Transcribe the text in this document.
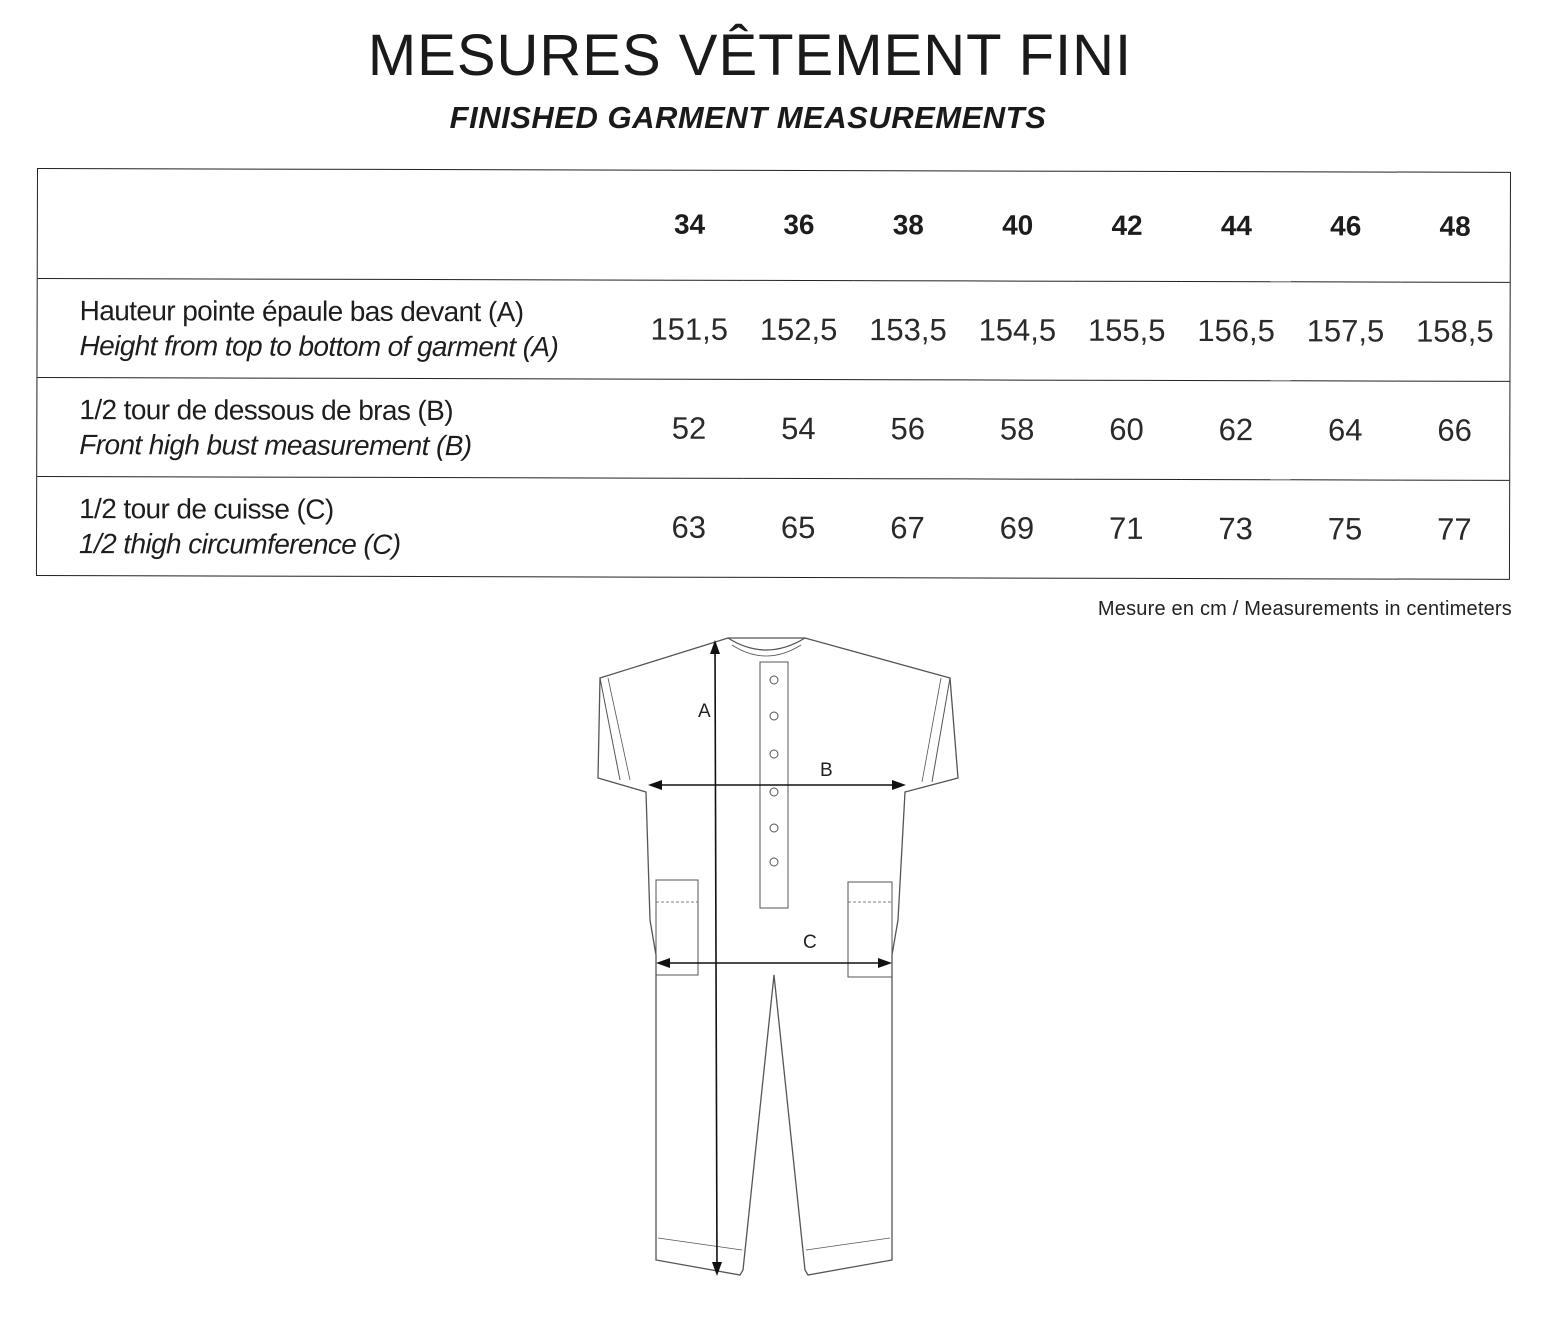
MESURES VÊTEMENT FINI
FINISHED GARMENT MEASUREMENTS
	34	36	38	40	42	44	46	48

Hauteur pointe épaule bas devant (A)
Height from top to bottom of garment (A)	151,5	152,5	153,5	154,5	155,5	156,5	157,5	158,5

1/2 tour de dessous de bras (B)
Front high bust measurement (B)	52	54	56	58	60	62	64	66

1/2 tour de cuisse (C)
1/2 thigh circumference (C)	63	65	67	69	71	73	75	77
Mesure en cm / Measurements in centimeters
A
B
C
